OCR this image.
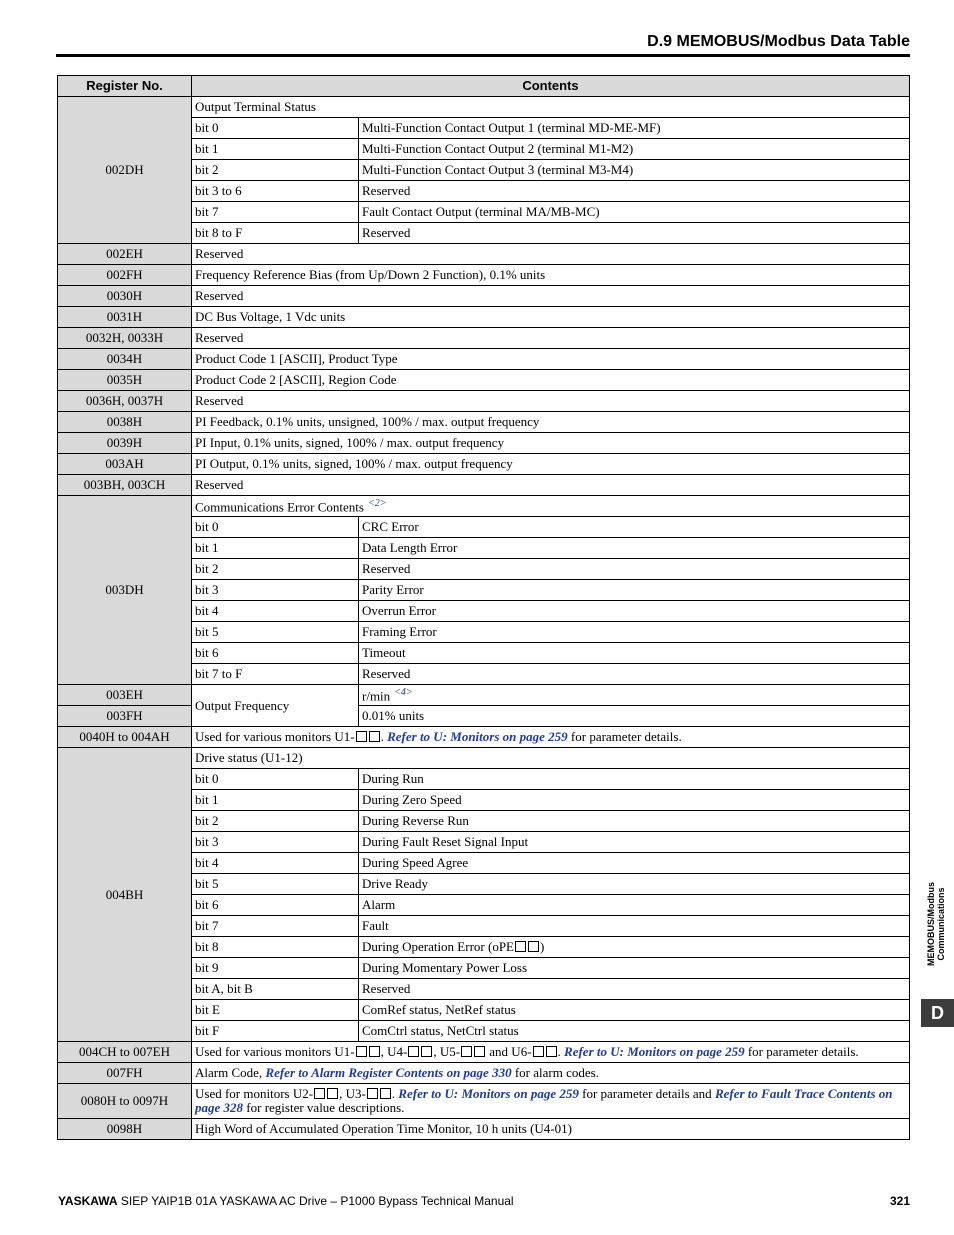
D.9 MEMOBUS/Modbus Data Table
Register No.	Contents	
002DH	Output Terminal Status	
	bit 0	Multi-Function Contact Output 1 (terminal MD-ME-MF)
	bit 1	Multi-Function Contact Output 2 (terminal M1-M2)
	bit 2	Multi-Function Contact Output 3 (terminal M3-M4)
	bit 3 to 6	Reserved
	bit 7	Fault Contact Output (terminal MA/MB-MC)
	bit 8 to F	Reserved
002EH	Reserved	
002FH	Frequency Reference Bias (from Up/Down 2 Function), 0.1% units	
0030H	Reserved	
0031H	DC Bus Voltage, 1 Vdc units	
0032H, 0033H	Reserved	
0034H	Product Code 1 [ASCII], Product Type	
0035H	Product Code 2 [ASCII], Region Code	
0036H, 0037H	Reserved	
0038H	PI Feedback, 0.1% units, unsigned, 100% / max. output frequency	
0039H	PI Input, 0.1% units, signed, 100% / max. output frequency	
003AH	PI Output, 0.1% units, signed, 100% / max. output frequency	
003BH, 003CH	Reserved	
003DH	Communications Error Contents $^{<2>}$
	bit 0	CRC Error
	bit 1	Data Length Error
	bit 2	Reserved
	bit 3	Parity Error
	bit 4	Overrun Error
	bit 5	Framing Error
	bit 6	Timeout
	bit 7 to F	Reserved
003EH	Output Frequency	r/min $^{<4>}$
003FH		0.01% units
0040H to 004AH	Used for various monitors U1- . Refer to U: Monitors on page 259 for parameter details.	
004BH	Drive status (U1-12)	
	bit 0	During Run
	bit 1	During Zero Speed
	bit 2	During Reverse Run
	bit 3	During Fault Reset Signal Input
	bit 4	During Speed Agree
	bit 5	Drive Ready
	bit 6	Alarm
	bit 7	Fault
	bit 8	During Operation Error (oPE )
	bit 9	During Momentary Power Loss
	bit A, bit B	Reserved
	bit E	ComRef status, NetRef status
	bit F	ComCtrl status, NetCtrl status
004CH to 007EH	Used for various monitors U1- , U4- , U5- and U6- . Refer to U: Monitors on page 259 for parameter details.	
007FH	Alarm Code, Refer to Alarm Register Contents on page 330 for alarm codes.	
0080H to 0097H	Used for monitors U2- , U3- . Refer to U: Monitors on page 259 for parameter details and Refer to Fault Trace Contents on page 328 for register value descriptions.	
0098H	High Word of Accumulated Operation Time Monitor, 10 h units (U4-01)	
MEMOBUS/Modbus
Communications
D
YASKAWA SIEP YAIP1B 01A YASKAWA AC Drive – P1000 Bypass Technical Manual	321
